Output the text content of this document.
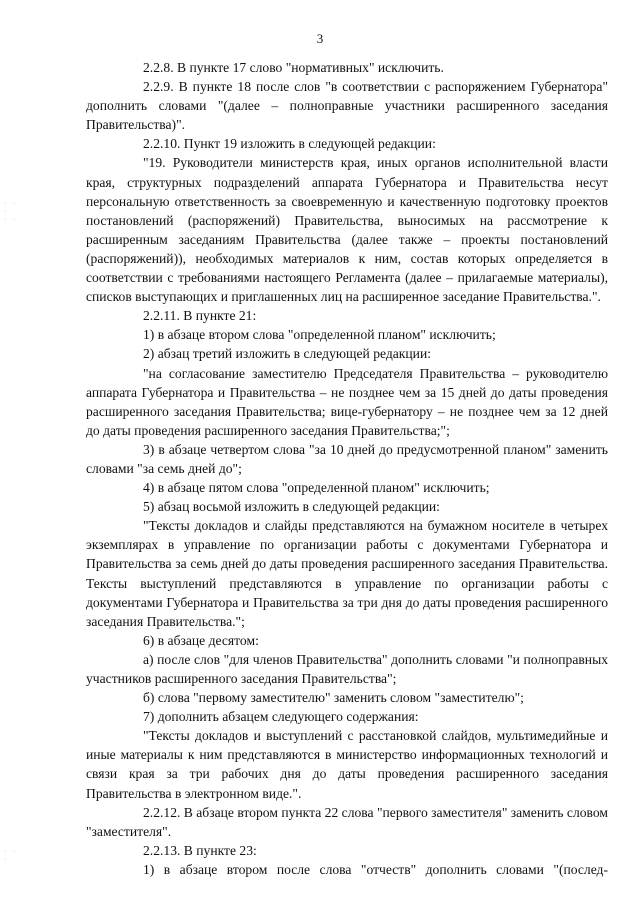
3
· ·
·
· ·
· ·
·

2.2.8. В пункте 17 слово "нормативных" исключить.

2.2.9. В пункте 18 после слов "в соответствии с распоряжением Губернатора" дополнить словами "(далее – полноправные участники расширенного заседания Правительства)".

2.2.10. Пункт 19 изложить в следующей редакции:

"19. Руководители министерств края, иных органов исполнительной власти края, структурных подразделений аппарата Губернатора и Правительства несут персональную ответственность за своевременную и качественную подготовку проектов постановлений (распоряжений) Правительства, выносимых на рассмотрение к расширенным заседаниям Правительства (далее также – проекты постановлений (распоряжений)), необходимых материалов к ним, состав которых определяется в соответствии с требованиями настоящего Регламента (далее – прилагаемые материалы), списков выступающих и приглашенных лиц на расширенное заседание Правительства.".

2.2.11. В пункте 21:

1) в абзаце втором слова "определенной планом" исключить;

2) абзац третий изложить в следующей редакции:

"на согласование заместителю Председателя Правительства – руководителю аппарата Губернатора и Правительства – не позднее чем за 15 дней до даты проведения расширенного заседания Правительства; вице-губернатору – не позднее чем за 12 дней до даты проведения расширенного заседания Правительства;";

3) в абзаце четвертом слова "за 10 дней до предусмотренной планом" заменить словами "за семь дней до";

4) в абзаце пятом слова "определенной планом" исключить;

5) абзац восьмой изложить в следующей редакции:

"Тексты докладов и слайды представляются на бумажном носителе в четырех экземплярах в управление по организации работы с документами Губернатора и Правительства за семь дней до даты проведения расширенного заседания Правительства. Тексты выступлений представляются в управление по организации работы с документами Губернатора и Правительства за три дня до даты проведения расширенного заседания Правительства.";

6) в абзаце десятом:

а) после слов "для членов Правительства" дополнить словами "и полноправных участников расширенного заседания Правительства";

б) слова "первому заместителю" заменить словом "заместителю";

7) дополнить абзацем следующего содержания:

"Тексты докладов и выступлений с расстановкой слайдов, мультимедийные и иные материалы к ним представляются в министерство информационных технологий и связи края за три рабочих дня до даты проведения расширенного заседания Правительства в электронном виде.".

2.2.12. В абзаце втором пункта 22 слова "первого заместителя" заменить словом "заместителя".

2.2.13. В пункте 23:

1) в абзаце втором после слова "отчеств" дополнить словами "(послед-
